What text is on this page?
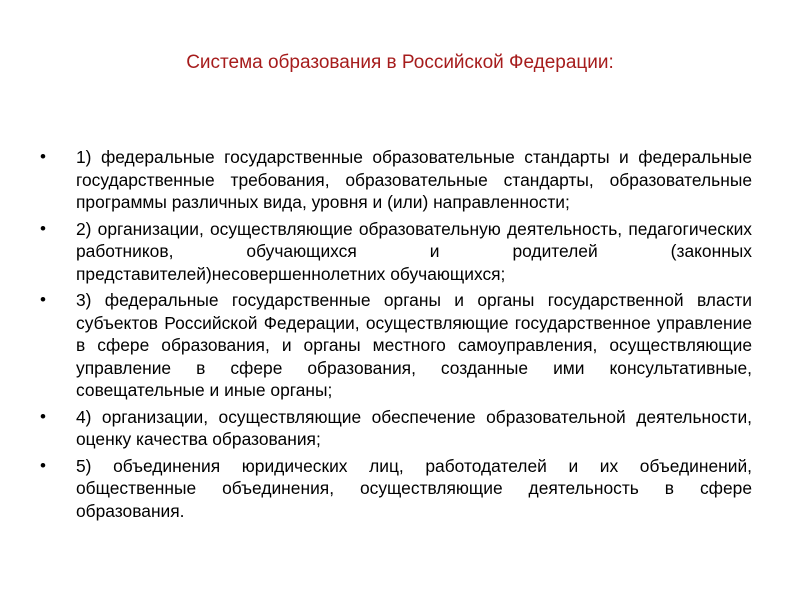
Система образования в Российской Федерации:
•	1) федеральные государственные образовательные стандарты и федеральные государственные требования, образовательные стандарты, образовательные программы различных вида, уровня и (или) направленности;
•	2) организации, осуществляющие образовательную деятельность, педагогических работников, обучающихся и родителей (законных представителей)несовершеннолетних обучающихся;
•	3) федеральные государственные органы и органы государственной власти субъектов Российской Федерации, осуществляющие государственное управление в сфере образования, и органы местного самоуправления, осуществляющие управление в сфере образования, созданные ими консультативные, совещательные и иные органы;
•	4) организации, осуществляющие обеспечение образовательной деятельности, оценку качества образования;
•	5) объединения юридических лиц, работодателей и их объединений, общественные объединения, осуществляющие деятельность в сфере образования.
